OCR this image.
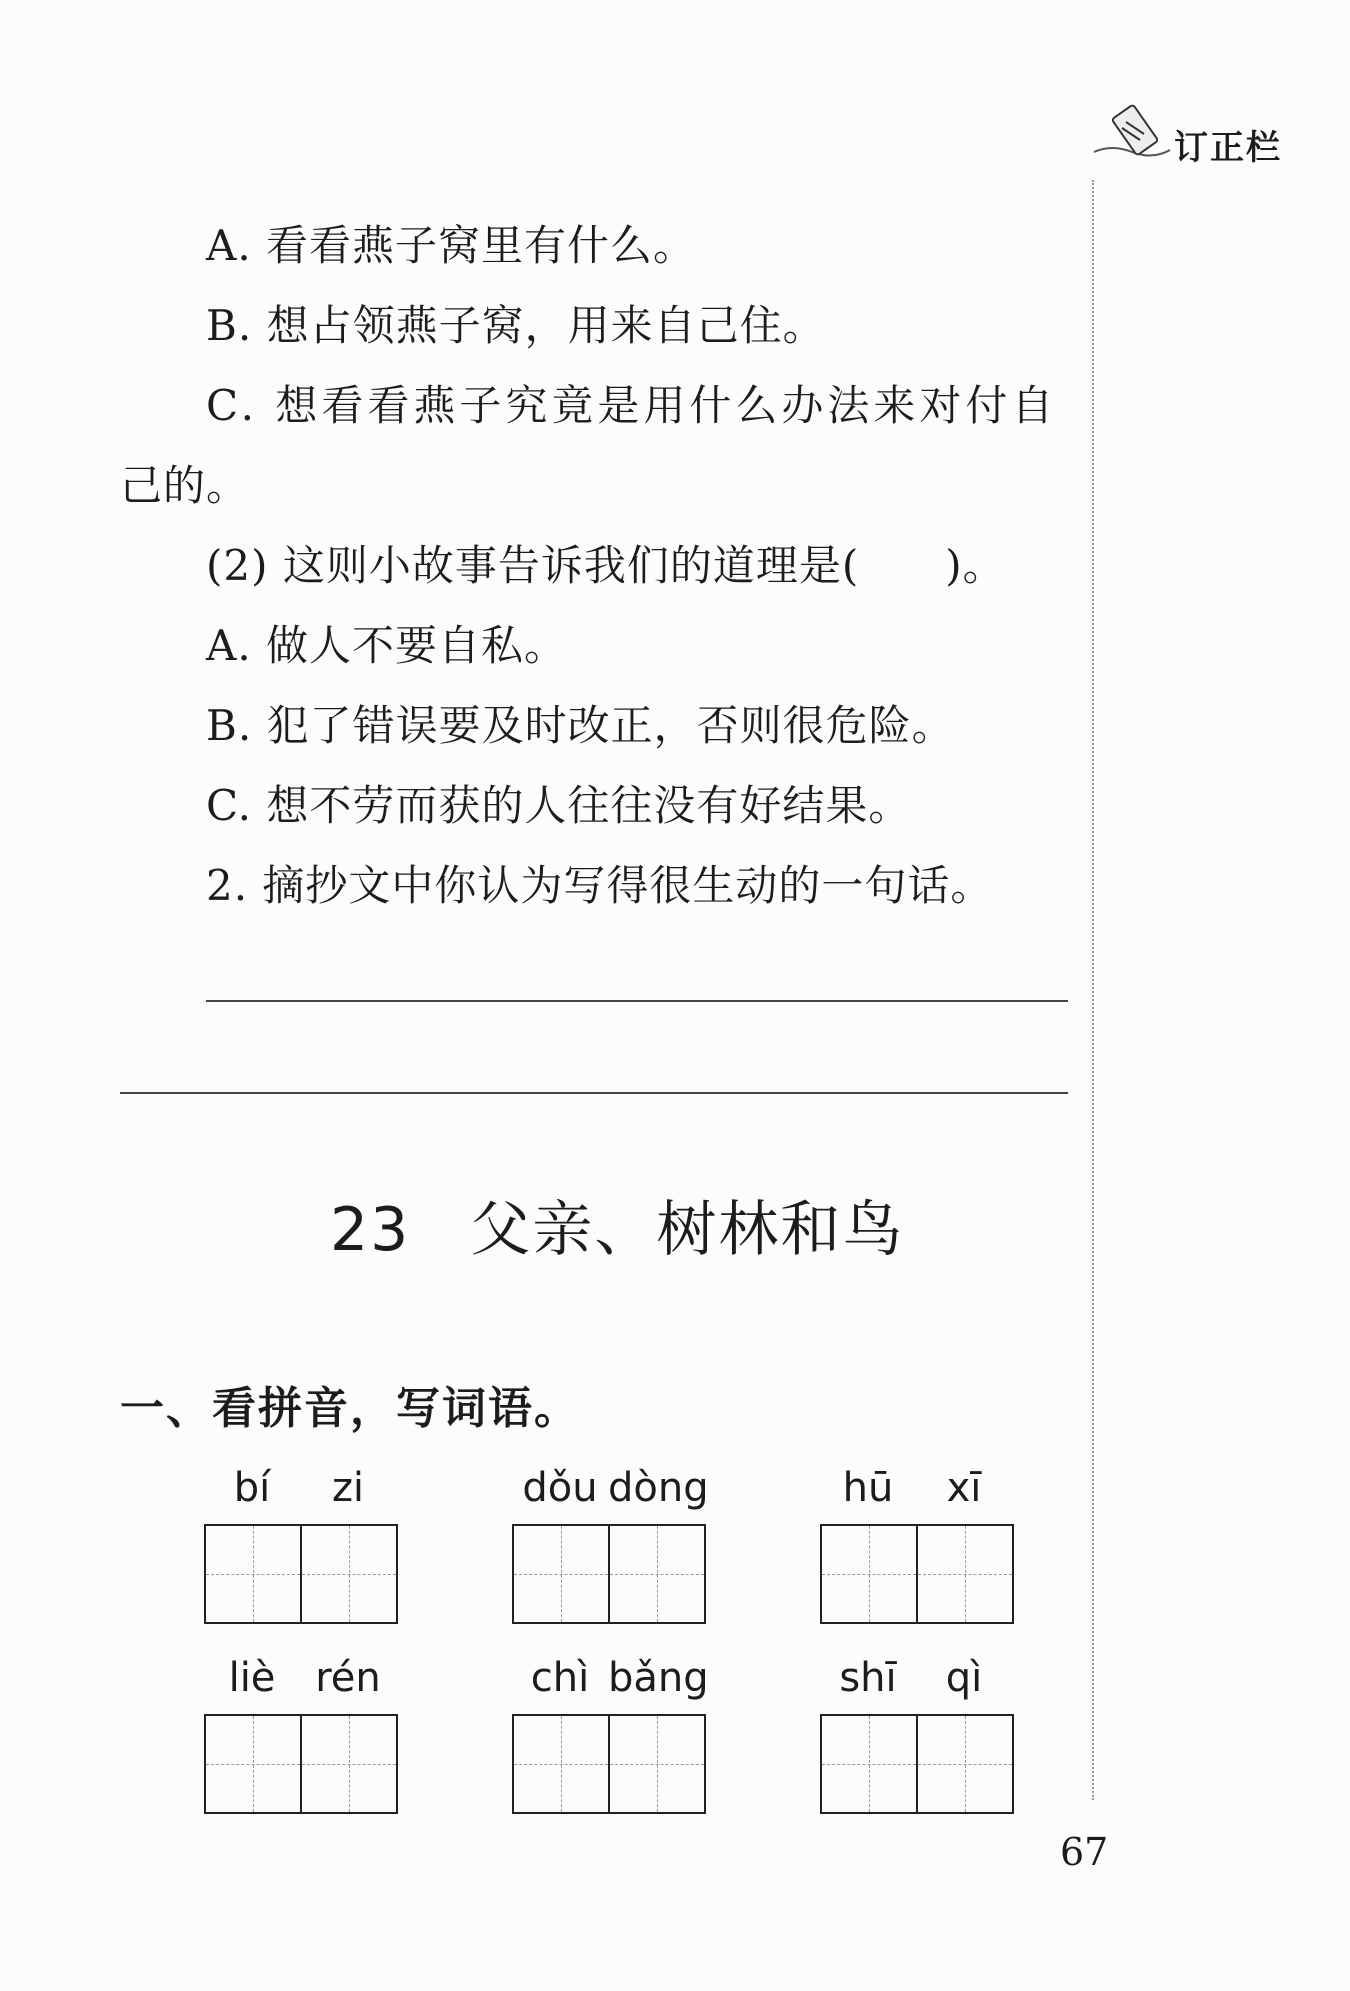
订正栏
A. 看看燕子窝里有什么。
B. 想占领燕子窝，用来自己住。
C. 想看看燕子究竟是用什么办法来对付自
己的。
(2) 这则小故事告诉我们的道理是(　　)。
A. 做人不要自私。
B. 犯了错误要及时改正，否则很危险。
C. 想不劳而获的人往往没有好结果。
2. 摘抄文中你认为写得很生动的一句话。
23 父亲、树林和鸟
一、看拼音，写词语。
bí	zi	dǒu dòng	hū	xī
liè rén	chì bǎng	shī	qì
67
